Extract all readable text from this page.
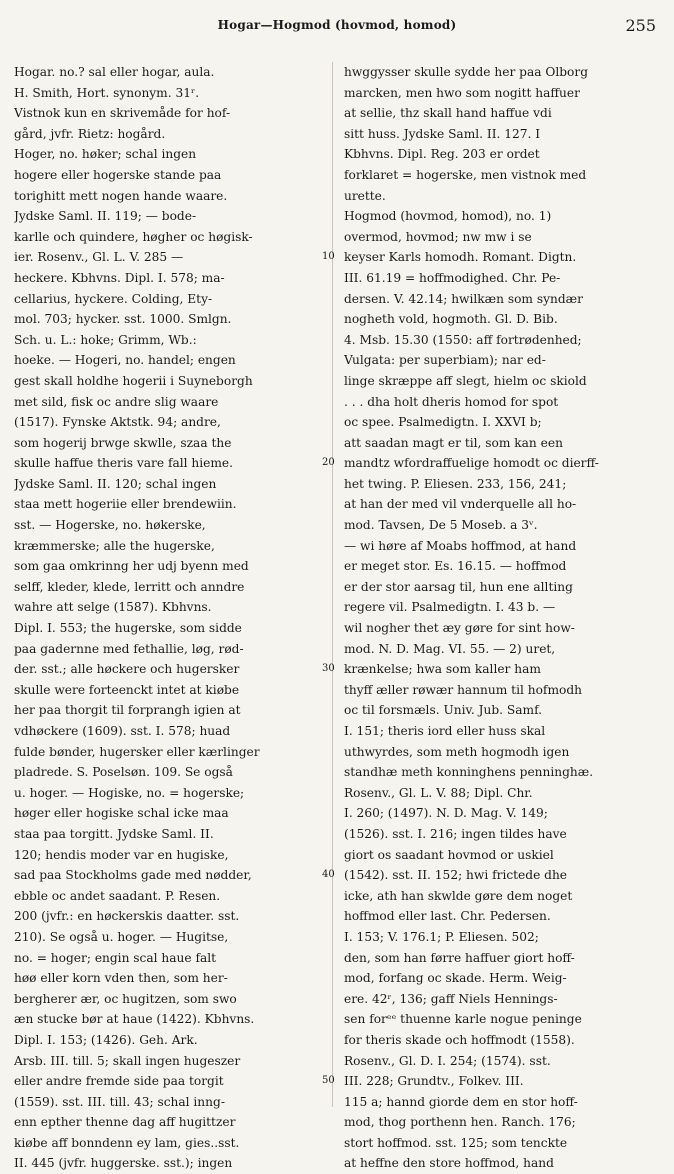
Hogar—Hogmod (hovmod, homod)	255
Hogar. no.? sal eller hogar, aula.
H. Smith, Hort. synonym. 31ʳ.
Vistnok kun en skrivemåde for hof-
gård, jvfr. Rietz: hogård.
Hoger, no. høker; schal ingen
hogere eller hogerske stande paa
torighitt mett nogen hande waare.
Jydske Saml. II. 119; — bode-
karlle och quindere, høgher oc høgisk-
ier. Rosenv., Gl. L. V. 285 —
heckere. Kbhvns. Dipl. I. 578; ma-
cellarius, hyckere. Colding, Ety-
mol. 703; hycker. sst. 1000. Smlgn.
Sch. u. L.: hoke; Grimm, Wb.:
hoeke. — Hogeri, no. handel; engen
gest skall holdhe hogerii i Suyneborgh
met sild, fisk oc andre slig waare
(1517). Fynske Aktstk. 94; andre,
som hogerij brwge skwlle, szaa the
skulle haffue theris vare fall hieme.
Jydske Saml. II. 120; schal ingen
staa mett hogeriie eller brendewiin.
sst. — Hogerske, no. høkerske,
kræmmerske; alle the hugerske,
som gaa omkrinng her udj byenn med
selff, kleder, klede, lerritt och anndre
wahre att selge (1587). Kbhvns.
Dipl. I. 553; the hugerske, som sidde
paa gadernne med fethallie, løg, rød-
der. sst.; alle høckere och hugersker
skulle were forteenckt intet at kiøbe
her paa thorgit til forprangh igien at
vdhøckere (1609). sst. I. 578; huad
fulde bønder, hugersker eller kærlinger
pladrede. S. Poselsøn. 109. Se også
u. hoger. — Hogiske, no. = hogerske;
høger eller hogiske schal icke maa
staa paa torgitt. Jydske Saml. II.
120; hendis moder var en hugiske,
sad paa Stockholms gade med nødder,
ebble oc andet saadant. P. Resen.
200 (jvfr.: en høckerskis daatter. sst.
210). Se også u. hoger. — Hugitse,
no. = hoger; engin scal haue falt
høø eller korn vden then, som her-
bergherer ær, oc hugitzen, som swo
æn stucke bør at haue (1422). Kbhvns.
Dipl. I. 153; (1426). Geh. Ark.
Arsb. III. till. 5; skall ingen hugeszer
eller andre fremde side paa torgit
(1559). sst. III. till. 43; schal inng-
enn epther thenne dag aff hugittzer
kiøbe aff bonndenn ey lam, gies..sst.
II. 445 (jvfr. huggerske. sst.); ingen
10
20
30
40
50
hwggysser skulle sydde her paa Olborg
marcken, men hwo som nogitt haffuer
at sellie, thz skall hand haffue vdi
sitt huss. Jydske Saml. II. 127. I
Kbhvns. Dipl. Reg. 203 er ordet
forklaret = hogerske, men vistnok med
urette.
Hogmod (hovmod, homod), no. 1)
overmod, hovmod; nw mw i se
keyser Karls homodh. Romant. Digtn.
III. 61.19 = hoffmodighed. Chr. Pe-
dersen. V. 42.14; hwilkæn som syndær
nogheth vold, hogmoth. Gl. D. Bib.
4. Msb. 15.30 (1550: aff fortrødenhed;
Vulgata: per superbiam); nar ed-
linge skræppe aff slegt, hielm oc skiold
. . . dha holt dheris homod for spot
oc spee. Psalmedigtn. I. XXVI b;
att saadan magt er til, som kan een
mandtz wfordraffuelige homodt oc dierff-
het twing. P. Eliesen. 233, 156, 241;
at han der med vil vnderquelle all ho-
mod. Tavsen, De 5 Moseb. a 3ᵛ.
— wi høre af Moabs hoffmod, at hand
er meget stor. Es. 16.15. — hoffmod
er der stor aarsag til, hun ene allting
regere vil. Psalmedigtn. I. 43 b. —
wil nogher thet æy gøre for sint how-
mod. N. D. Mag. VI. 55. — 2) uret,
krænkelse; hwa som kaller ham
thyff æller røwær hannum til hofmodh
oc til forsmæls. Univ. Jub. Samf.
I. 151; theris iord eller huss skal
uthwyrdes, som meth hogmodh igen
standhæ meth konninghens penninghæ.
Rosenv., Gl. L. V. 88; Dipl. Chr.
I. 260; (1497). N. D. Mag. V. 149;
(1526). sst. I. 216; ingen tildes have
giort os saadant hovmod or uskiel
(1542). sst. II. 152; hwi frictede dhe
icke, ath han skwlde gøre dem noget
hoffmod eller last. Chr. Pedersen.
I. 153; V. 176.1; P. Eliesen. 502;
den, som han førre haffuer giort hoff-
mod, forfang oc skade. Herm. Weig-
ere. 42ʳ, 136; gaff Niels Hennings-
sen forᵉᵉ thuenne karle nogue peninge
for theris skade och hoffmodt (1558).
Rosenv., Gl. D. I. 254; (1574). sst.
III. 228; Grundtv., Folkev. III.
115 a; hannd giorde dem en stor hoff-
mod, thog porthenn hen. Ranch. 176;
stort hoffmod. sst. 125; som tenckte
at heffne den store hoffmod, hand
